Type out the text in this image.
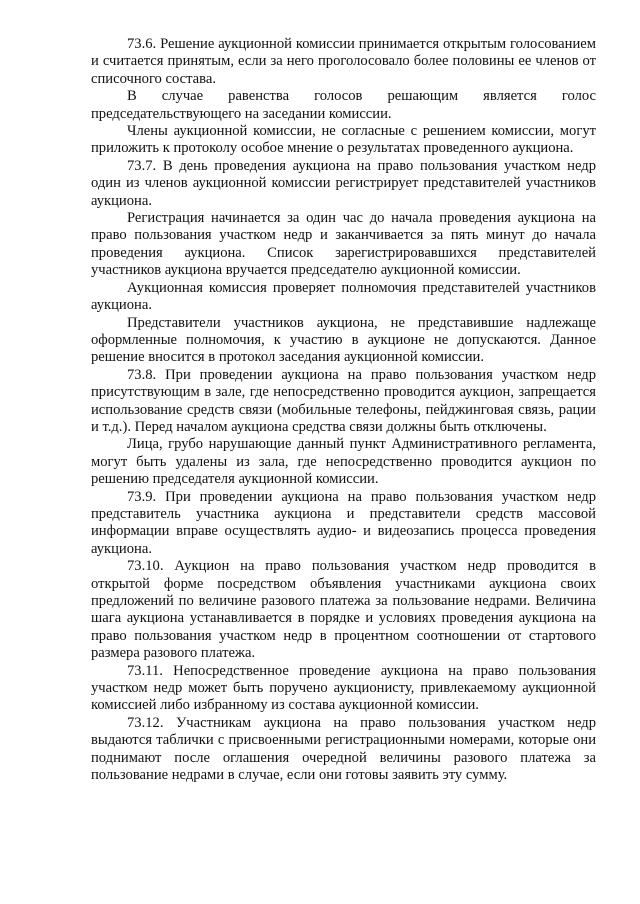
73.6. Решение аукционной комиссии принимается открытым голосованием и считается принятым, если за него проголосовало более половины ее членов от списочного состава.

В случае равенства голосов решающим является голос председательствующего на заседании комиссии.

Члены аукционной комиссии, не согласные с решением комиссии, могут приложить к протоколу особое мнение о результатах проведенного аукциона.

73.7. В день проведения аукциона на право пользования участком недр один из членов аукционной комиссии регистрирует представителей участников аукциона.

Регистрация начинается за один час до начала проведения аукциона на право пользования участком недр и заканчивается за пять минут до начала проведения аукциона. Список зарегистрировавшихся представителей участников аукциона вручается председателю аукционной комиссии.

Аукционная комиссия проверяет полномочия представителей участников аукциона.

Представители участников аукциона, не представившие надлежаще оформленные полномочия, к участию в аукционе не допускаются. Данное решение вносится в протокол заседания аукционной комиссии.

73.8. При проведении аукциона на право пользования участком недр присутствующим в зале, где непосредственно проводится аукцион, запрещается использование средств связи (мобильные телефоны, пейджинговая связь, рации и т.д.). Перед началом аукциона средства связи должны быть отключены.

Лица, грубо нарушающие данный пункт Административного регламента, могут быть удалены из зала, где непосредственно проводится аукцион по решению председателя аукционной комиссии.

73.9. При проведении аукциона на право пользования участком недр представитель участника аукциона и представители средств массовой информации вправе осуществлять аудио- и видеозапись процесса проведения аукциона.

73.10. Аукцион на право пользования участком недр проводится в открытой форме посредством объявления участниками аукциона своих предложений по величине разового платежа за пользование недрами. Величина шага аукциона устанавливается в порядке и условиях проведения аукциона на право пользования участком недр в процентном соотношении от стартового размера разового платежа.

73.11. Непосредственное проведение аукциона на право пользования участком недр может быть поручено аукционисту, привлекаемому аукционной комиссией либо избранному из состава аукционной комиссии.

73.12. Участникам аукциона на право пользования участком недр выдаются таблички с присвоенными регистрационными номерами, которые они поднимают после оглашения очередной величины разового платежа за пользование недрами в случае, если они готовы заявить эту сумму.
